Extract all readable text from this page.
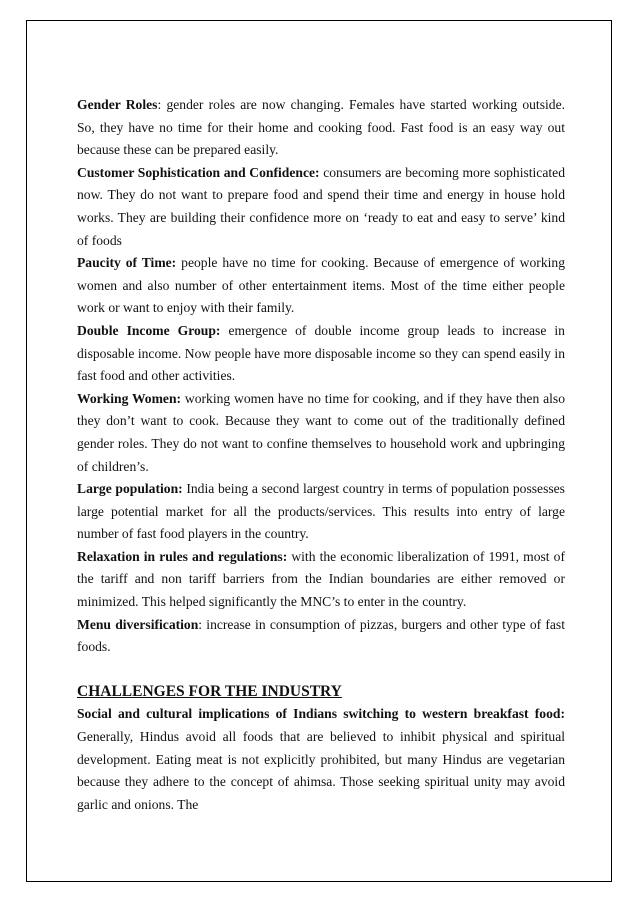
Gender Roles: gender roles are now changing. Females have started working outside. So, they have no time for their home and cooking food. Fast food is an easy way out because these can be prepared easily.

Customer Sophistication and Confidence: consumers are becoming more sophisticated now. They do not want to prepare food and spend their time and energy in house hold works. They are building their confidence more on ‘ready to eat and easy to serve’ kind of foods

Paucity of Time: people have no time for cooking. Because of emergence of working women and also number of other entertainment items. Most of the time either people work or want to enjoy with their family.

Double Income Group: emergence of double income group leads to increase in disposable income. Now people have more disposable income so they can spend easily in fast food and other activities.

Working Women: working women have no time for cooking, and if they have then also they don’t want to cook. Because they want to come out of the traditionally defined gender roles. They do not want to confine themselves to household work and upbringing of children’s.

Large population: India being a second largest country in terms of population possesses large potential market for all the products/services. This results into entry of large number of fast food players in the country.

Relaxation in rules and regulations: with the economic liberalization of 1991, most of the tariff and non tariff barriers from the Indian boundaries are either removed or minimized. This helped significantly the MNC’s to enter in the country.

Menu diversification: increase in consumption of pizzas, burgers and other type of fast foods.

CHALLENGES FOR THE INDUSTRY

Social and cultural implications of Indians switching to western breakfast food: Generally, Hindus avoid all foods that are believed to inhibit physical and spiritual development. Eating meat is not explicitly prohibited, but many Hindus are vegetarian because they adhere to the concept of ahimsa. Those seeking spiritual unity may avoid garlic and onions. The
